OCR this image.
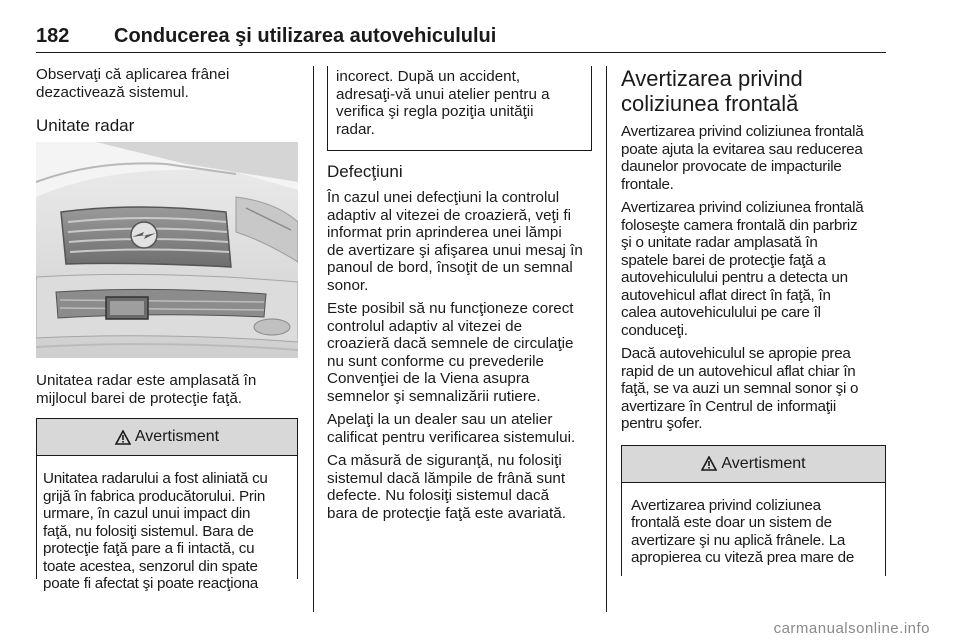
182 Conducerea şi utilizarea autovehiculului

Observaţi că aplicarea frânei

dezactivează sistemul.

Unitate radar

Unitatea radar este amplasată în

mijlocul barei de protecţie faţă.

Avertisment

Unitatea radarului a fost aliniată cu

grijă în fabrica producătorului. Prin

urmare, în cazul unui impact din

faţă, nu folosiţi sistemul. Bara de

protecţie faţă pare a fi intactă, cu

toate acestea, senzorul din spate

poate fi afectat şi poate reacţiona

incorect. După un accident,

adresaţi-vă unui atelier pentru a

verifica şi regla poziţia unităţii

radar.

Defecţiuni

În cazul unei defecţiuni la controlul

adaptiv al vitezei de croazieră, veţi fi

informat prin aprinderea unei lămpi

de avertizare şi afişarea unui mesaj în

panoul de bord, însoţit de un semnal

sonor.

Este posibil să nu funcţioneze corect

controlul adaptiv al vitezei de

croazieră dacă semnele de circulaţie

nu sunt conforme cu prevederile

Convenţiei de la Viena asupra

semnelor şi semnalizării rutiere.

Apelaţi la un dealer sau un atelier

calificat pentru verificarea sistemului.

Ca măsură de siguranţă, nu folosiţi

sistemul dacă lămpile de frână sunt

defecte. Nu folosiţi sistemul dacă

bara de protecţie faţă este avariată.

Avertizarea privind
coliziunea frontală

Avertizarea privind coliziunea frontală

poate ajuta la evitarea sau reducerea

daunelor provocate de impacturile

frontale.

Avertizarea privind coliziunea frontală

foloseşte camera frontală din parbriz

şi o unitate radar amplasată în

spatele barei de protecţie faţă a

autovehiculului pentru a detecta un

autovehicul aflat direct în faţă, în

calea autovehiculului pe care îl

conduceţi.

Dacă autovehiculul se apropie prea

rapid de un autovehicul aflat chiar în

faţă, se va auzi un semnal sonor şi o

avertizare în Centrul de informaţii

pentru şofer.

Avertisment

Avertizarea privind coliziunea

frontală este doar un sistem de

avertizare şi nu aplică frânele. La

apropierea cu viteză prea mare de

carmanualsonline.info
